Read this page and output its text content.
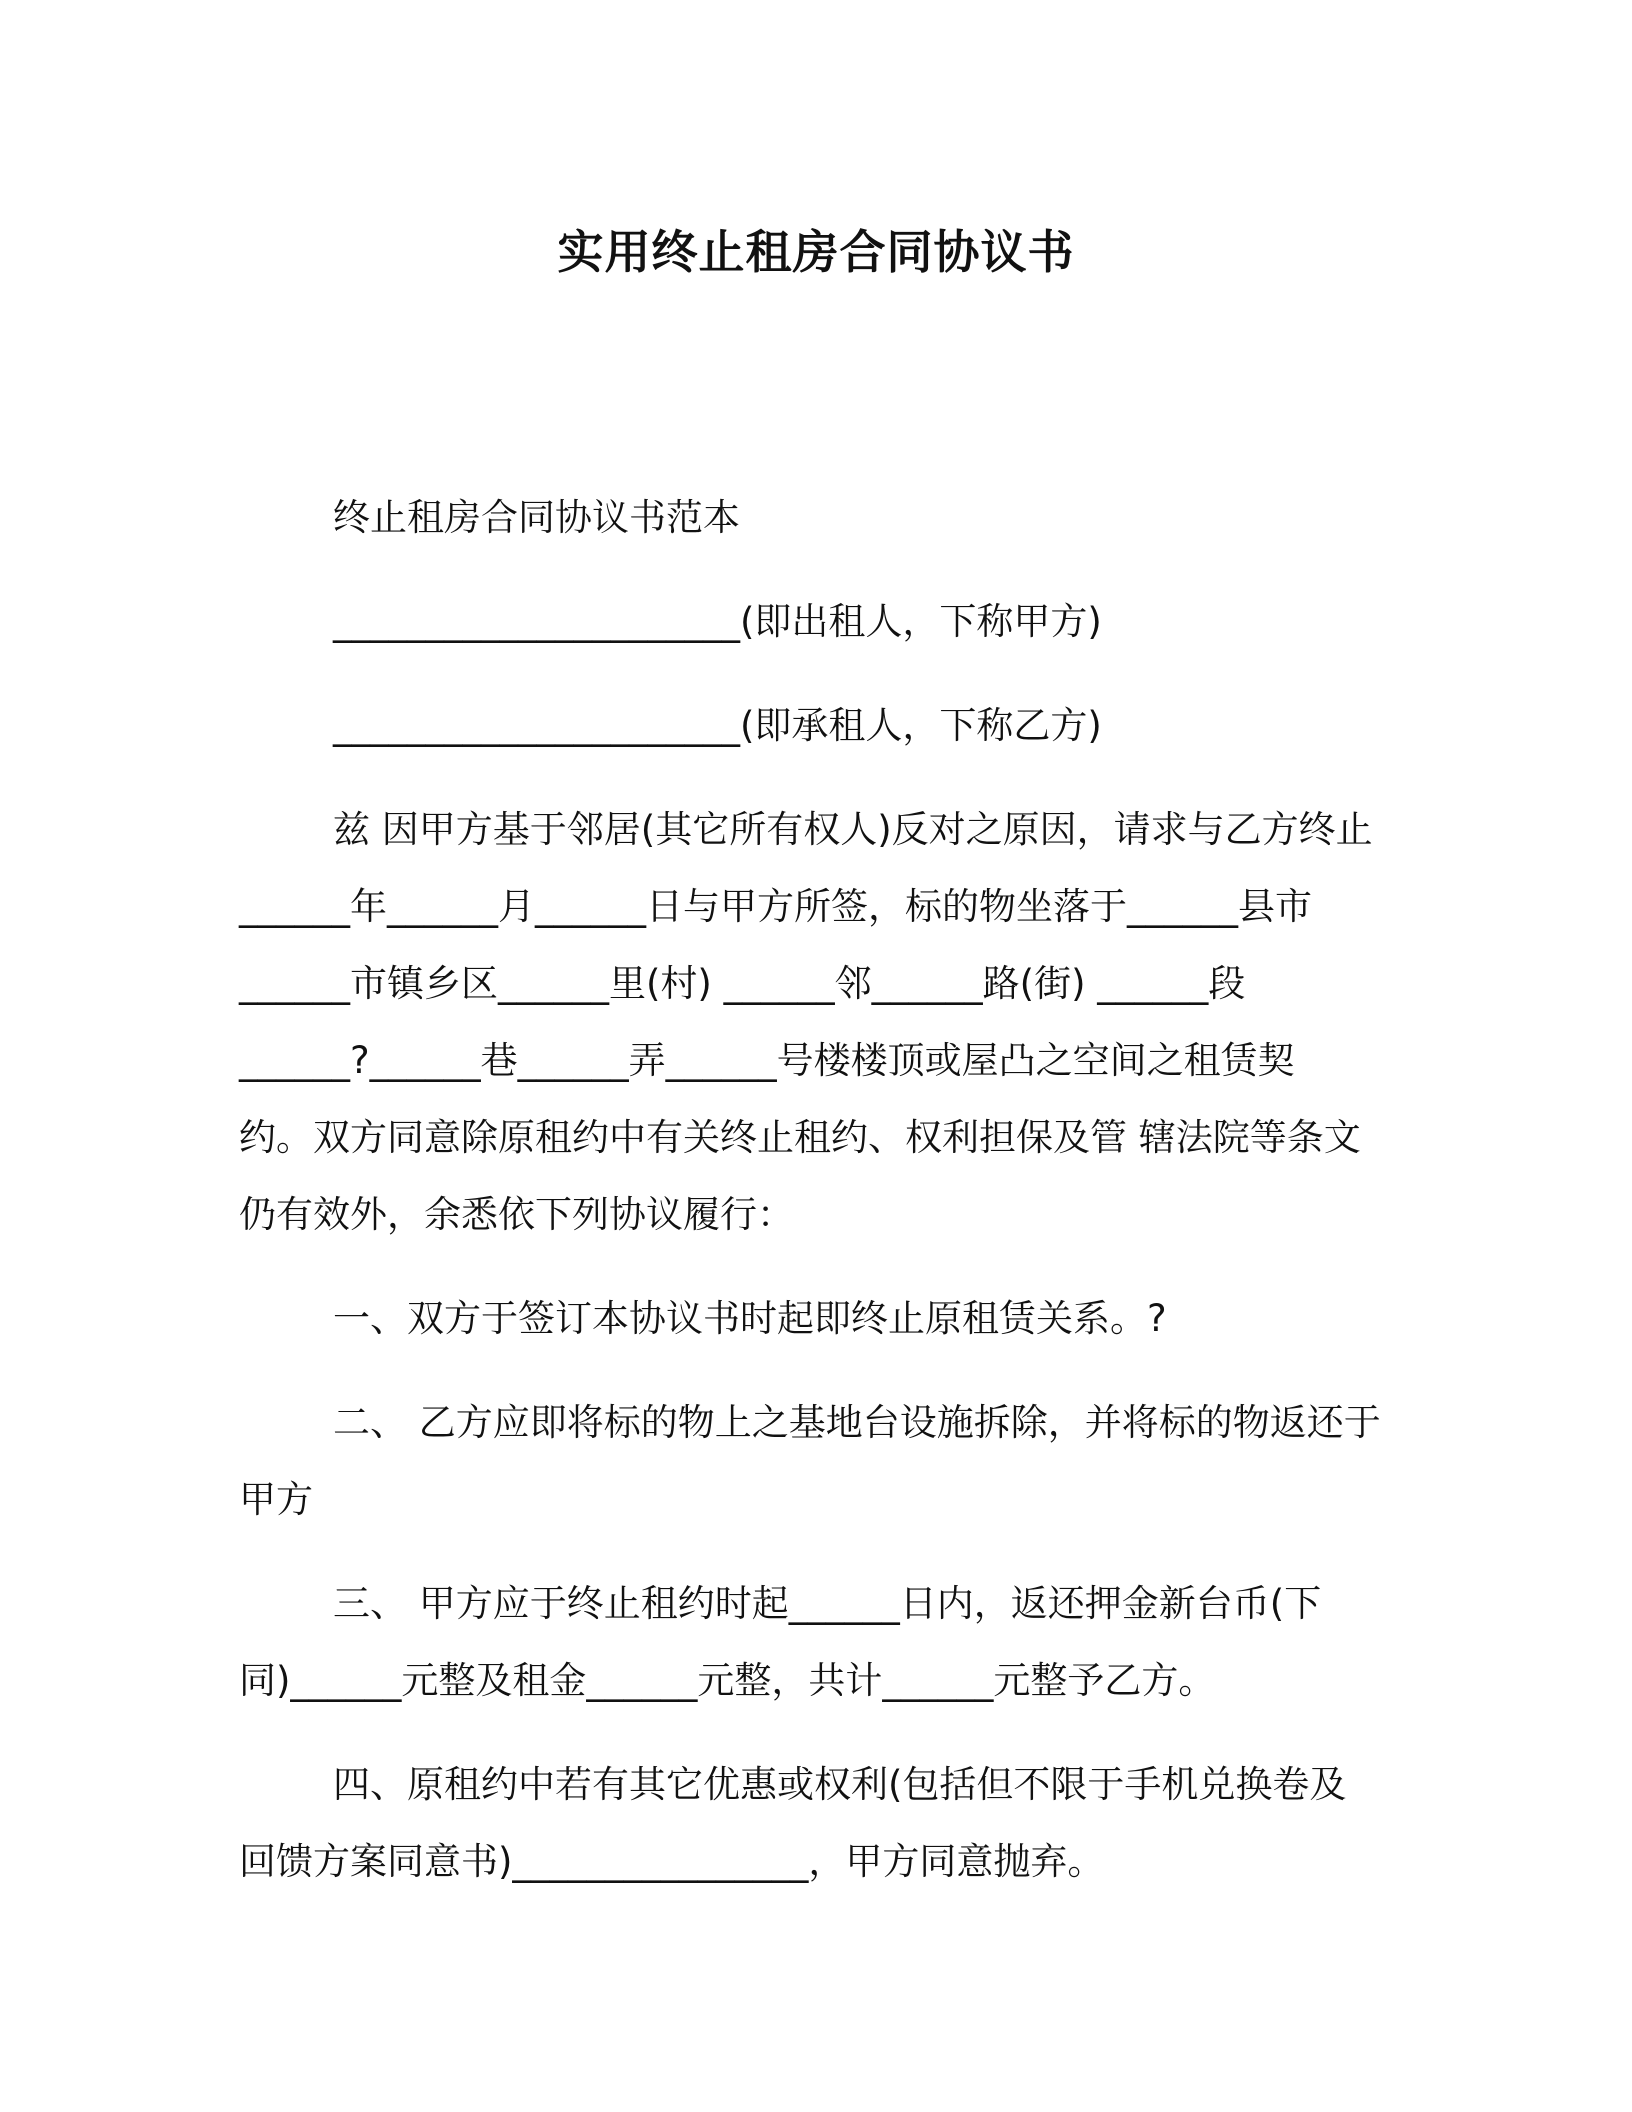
实用终止租房合同协议书

终止租房合同协议书范本

______________________(即出租人，下称甲方)

______________________(即承租人，下称乙方)

兹 因甲方基于邻居(其它所有权人)反对之原因，请求与乙方终止

______年______月______日与甲方所签，标的物坐落于______县市

______市镇乡区______里(村) ______邻______路(街) ______段

______?______巷______弄______号楼楼顶或屋凸之空间之租赁契

约。双方同意除原租约中有关终止租约、权利担保及管 辖法院等条文

仍有效外，余悉依下列协议履行：

一、双方于签订本协议书时起即终止原租赁关系。?

二、 乙方应即将标的物上之基地台设施拆除，并将标的物返还于

甲方

三、 甲方应于终止租约时起______日内，返还押金新台币(下

同)______元整及租金______元整，共计______元整予乙方。

四、原租约中若有其它优惠或权利(包括但不限于手机兑换卷及

回馈方案同意书)________________，甲方同意抛弃。
